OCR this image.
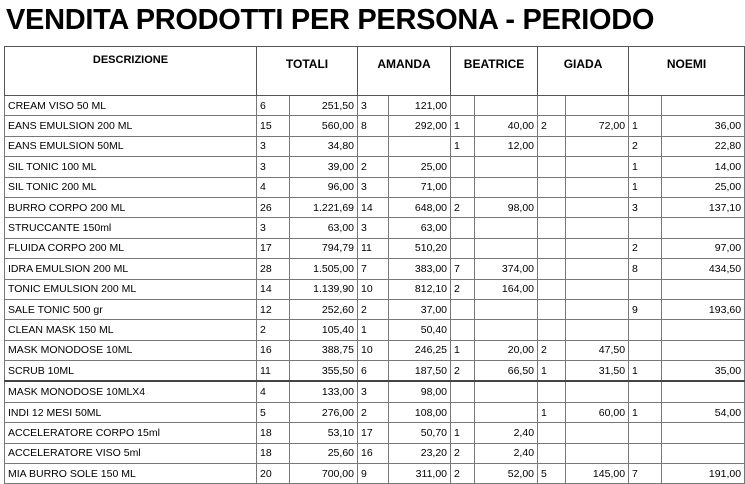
VENDITA PRODOTTI PER PERSONA - PERIODO
DESCRIZIONE	TOTALI		AMANDA		BEATRICE		GIADA		NOEMI	
CREAM VISO 50 ML	6	251,50	3	121,00						
EANS EMULSION 200 ML	15	560,00	8	292,00	1	40,00	2	72,00	1	36,00
EANS EMULSION 50ML	3	34,80			1	12,00			2	22,80
SIL TONIC 100 ML	3	39,00	2	25,00					1	14,00
SIL TONIC 200 ML	4	96,00	3	71,00					1	25,00
BURRO CORPO 200 ML	26	1.221,69	14	648,00	2	98,00			3	137,10
STRUCCANTE 150ml	3	63,00	3	63,00						
FLUIDA CORPO 200 ML	17	794,79	11	510,20					2	97,00
IDRA EMULSION 200 ML	28	1.505,00	7	383,00	7	374,00			8	434,50
TONIC EMULSION 200 ML	14	1.139,90	10	812,10	2	164,00				
SALE TONIC 500 gr	12	252,60	2	37,00					9	193,60
CLEAN MASK 150 ML	2	105,40	1	50,40						
MASK MONODOSE 10ML	16	388,75	10	246,25	1	20,00	2	47,50		
SCRUB 10ML	11	355,50	6	187,50	2	66,50	1	31,50	1	35,00
MASK MONODOSE 10MLX4	4	133,00	3	98,00						
INDI 12 MESI 50ML	5	276,00	2	108,00			1	60,00	1	54,00
ACCELERATORE CORPO 15ml	18	53,10	17	50,70	1	2,40				
ACCELERATORE VISO 5ml	18	25,60	16	23,20	2	2,40				
MIA BURRO SOLE 150 ML	20	700,00	9	311,00	2	52,00	5	145,00	7	191,00
